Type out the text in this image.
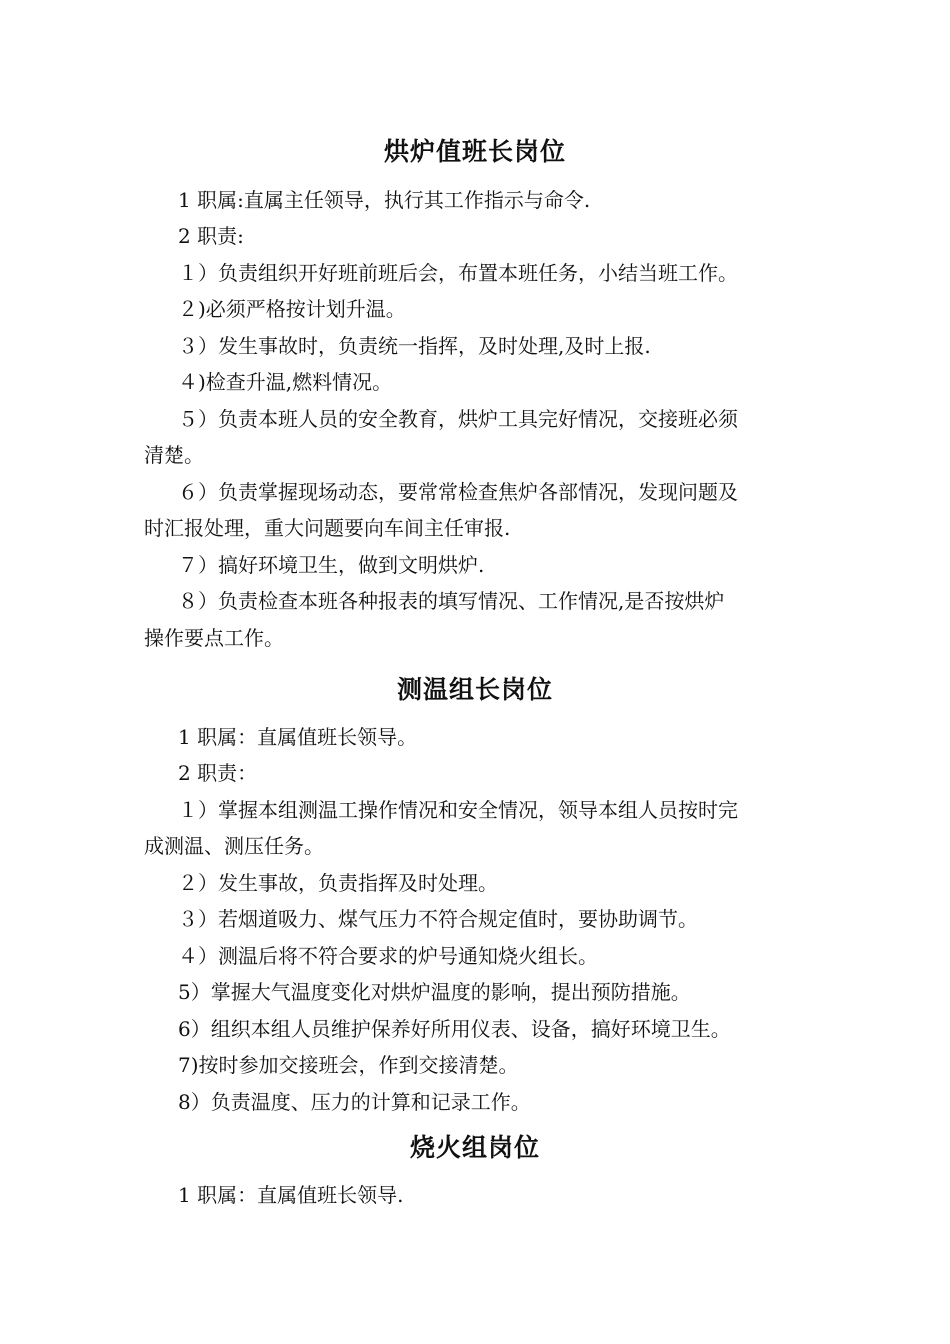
烘炉值班长岗位
1 职属:直属主任领导，执行其工作指示与命令.
2 职责:
１）负责组织开好班前班后会，布置本班任务，小结当班工作。
２)必须严格按计划升温。
３）发生事故时，负责统一指挥，及时处理,及时上报.
４)检查升温,燃料情况。
５）负责本班人员的安全教育，烘炉工具完好情况，交接班必须
清楚。
６）负责掌握现场动态，要常常检查焦炉各部情况，发现问题及
时汇报处理，重大问题要向车间主任审报.
７）搞好环境卫生，做到文明烘炉.
８）负责检查本班各种报表的填写情况、工作情况,是否按烘炉
操作要点工作。
测温组长岗位
1 职属：直属值班长领导。
2 职责：
１）掌握本组测温工操作情况和安全情况，领导本组人员按时完
成测温、测压任务。
２）发生事故，负责指挥及时处理。
３）若烟道吸力、煤气压力不符合规定值时，要协助调节。
４）测温后将不符合要求的炉号通知烧火组长。
5）掌握大气温度变化对烘炉温度的影响，提出预防措施。
6）组织本组人员维护保养好所用仪表、设备，搞好环境卫生。
7)按时参加交接班会，作到交接清楚。
8）负责温度、压力的计算和记录工作。
烧火组岗位
1 职属：直属值班长领导.
